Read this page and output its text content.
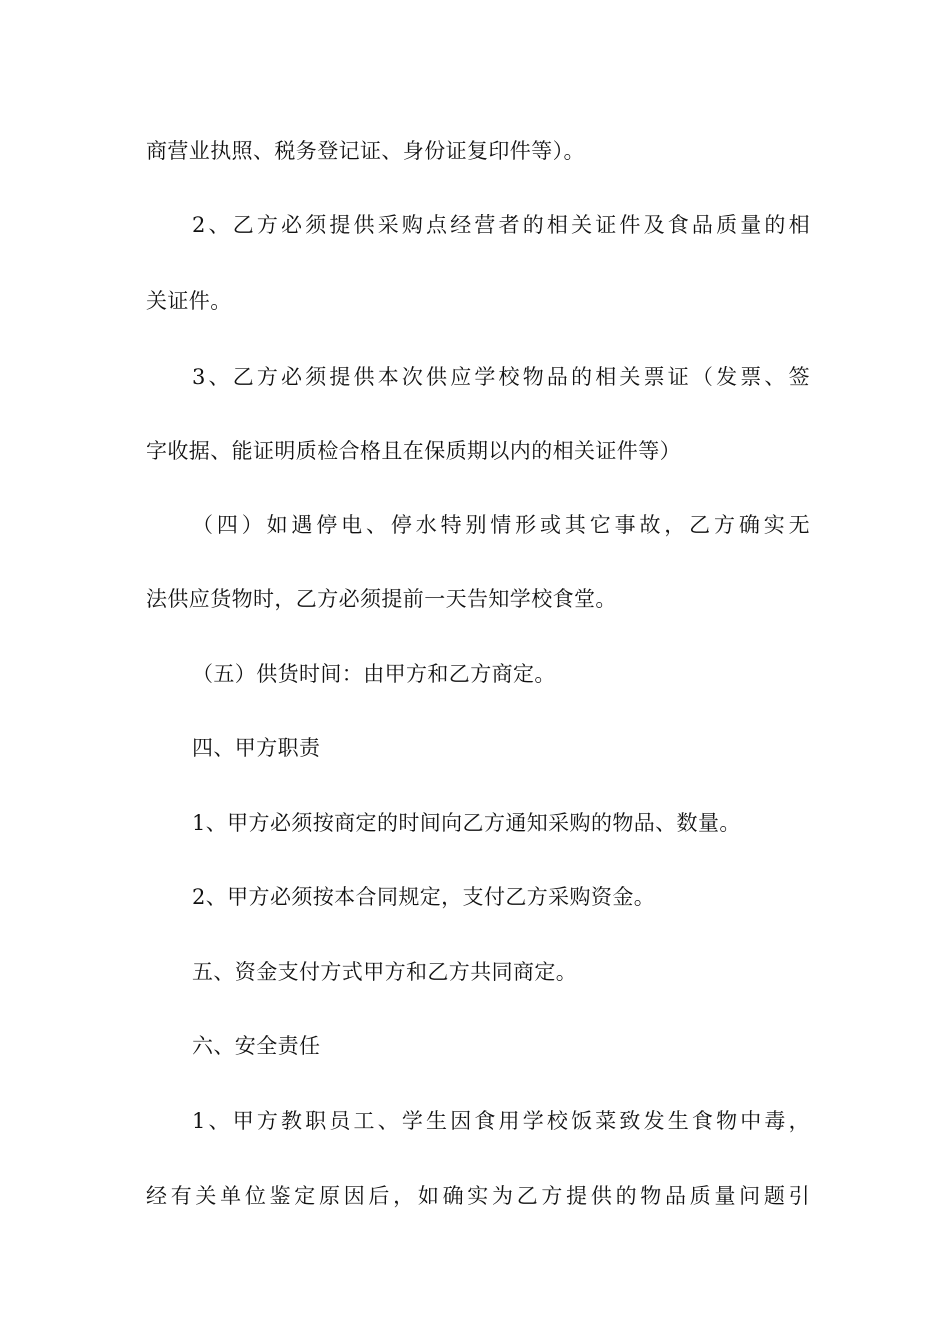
商营业执照、税务登记证、身份证复印件等）。
2、乙方必须提供采购点经营者的相关证件及食品质量的相
关证件。
3、乙方必须提供本次供应学校物品的相关票证（发票、签
字收据、能证明质检合格且在保质期以内的相关证件等）
（四）如遇停电、停水特别情形或其它事故，乙方确实无
法供应货物时，乙方必须提前一天告知学校食堂。
（五）供货时间：由甲方和乙方商定。
四、甲方职责
1、甲方必须按商定的时间向乙方通知采购的物品、数量。
2、甲方必须按本合同规定，支付乙方采购资金。
五、资金支付方式甲方和乙方共同商定。
六、安全责任
1、甲方教职员工、学生因食用学校饭菜致发生食物中毒，
经有关单位鉴定原因后，如确实为乙方提供的物品质量问题引
